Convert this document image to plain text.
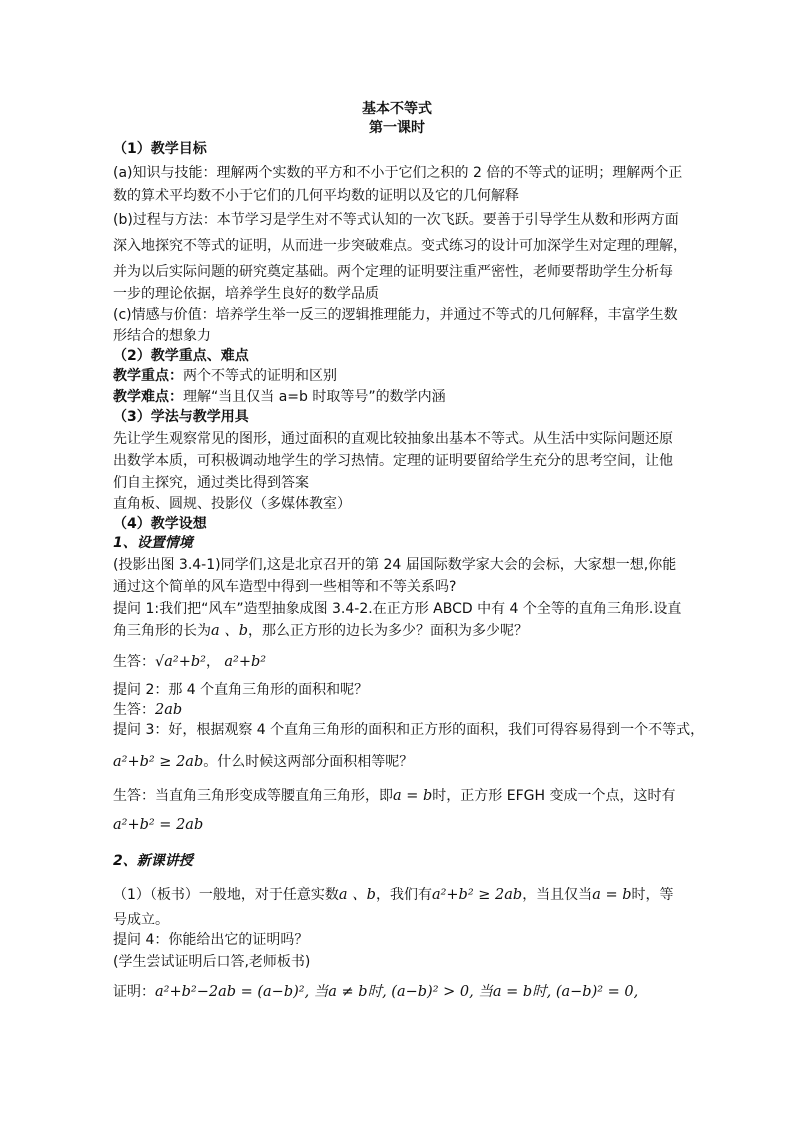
基本不等式
第一课时
（1）教学目标
(a)知识与技能：理解两个实数的平方和不小于它们之积的 2 倍的不等式的证明；理解两个正
数的算术平均数不小于它们的几何平均数的证明以及它的几何解释
(b)过程与方法：本节学习是学生对不等式认知的一次飞跃。要善于引导学生从数和形两方面
深入地探究不等式的证明，从而进一步突破难点。变式练习的设计可加深学生对定理的理解，
并为以后实际问题的研究奠定基础。两个定理的证明要注重严密性，老师要帮助学生分析每
一步的理论依据，培养学生良好的数学品质
(c)情感与价值：培养学生举一反三的逻辑推理能力，并通过不等式的几何解释，丰富学生数
形结合的想象力
（2）教学重点、难点
教学重点：两个不等式的证明和区别
教学难点：理解“当且仅当 a=b 时取等号”的数学内涵
（3）学法与教学用具
先让学生观察常见的图形，通过面积的直观比较抽象出基本不等式。从生活中实际问题还原
出数学本质，可积极调动地学生的学习热情。定理的证明要留给学生充分的思考空间，让他
们自主探究，通过类比得到答案
直角板、圆规、投影仪（多媒体教室）
（4）教学设想
1、设置情境
(投影出图 3.4-1)同学们,这是北京召开的第 24 届国际数学家大会的会标，大家想一想,你能
通过这个简单的风车造型中得到一些相等和不等关系吗?
提问 1:我们把“风车”造型抽象成图 3.4-2.在正方形 ABCD 中有 4 个全等的直角三角形.设直
角三角形的长为a 、b，那么正方形的边长为多少？面积为多少呢？
生答：√a²+b²， a²+b²
提问 2：那 4 个直角三角形的面积和呢？
生答：2ab
提问 3：好，根据观察 4 个直角三角形的面积和正方形的面积，我们可得容易得到一个不等式，
a²+b² ≥ 2ab。什么时候这两部分面积相等呢？
生答：当直角三角形变成等腰直角三角形，即a = b时，正方形 EFGH 变成一个点，这时有
a²+b² = 2ab
2、新课讲授
（1）（板书）一般地，对于任意实数a 、b，我们有a²+b² ≥ 2ab，当且仅当a = b时，等
号成立。
提问 4：你能给出它的证明吗？
(学生尝试证明后口答,老师板书)
证明：a²+b²−2ab = (a−b)², 当a ≠ b时, (a−b)² > 0, 当a = b时, (a−b)² = 0,
